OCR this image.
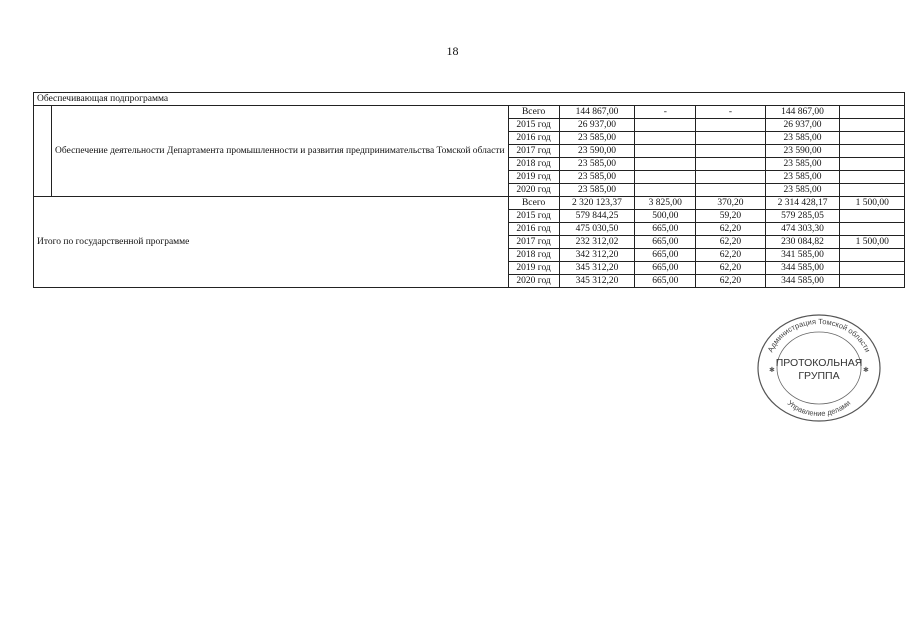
18
Обеспечивающая подпрограмма							
	Обеспечение деятельности Департамента промышленности и развития предпринимательства Томской области	Всего	144 867,00	-	-	144 867,00	
		2015 год	26 937,00			26 937,00	
		2016 год	23 585,00			23 585,00	
		2017 год	23 590,00			23 590,00	
		2018 год	23 585,00			23 585,00	
		2019 год	23 585,00			23 585,00	
		2020 год	23 585,00			23 585,00	
Итого по государственной программе		Всего	2 320 123,37	3 825,00	370,20	2 314 428,17	1 500,00
		2015 год	579 844,25	500,00	59,20	579 285,05	
		2016 год	475 030,50	665,00	62,20	474 303,30	
		2017 год	232 312,02	665,00	62,20	230 084,82	1 500,00
		2018 год	342 312,20	665,00	62,20	341 585,00	
		2019 год	345 312,20	665,00	62,20	344 585,00	
		2020 год	345 312,20	665,00	62,20	344 585,00	
Администрация Томской области
Управление делами
ПРОТОКОЛЬНАЯ
ГРУППА
✱	✱
